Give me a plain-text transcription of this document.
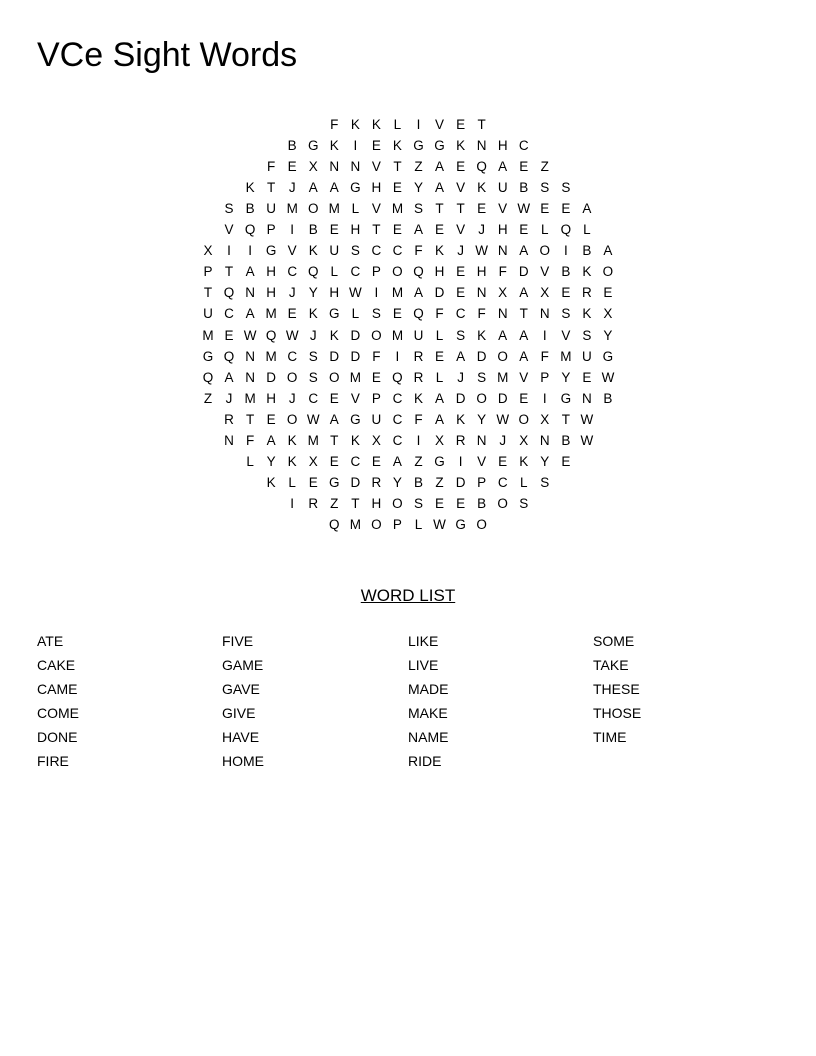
VCe Sight Words
F K K L	I	V E T
B G K	I	E K G G K N H C
F E X N N V T Z A E Q A E Z
K T	J A A G H E Y A V K U B S S
S B U M O M L V M S T T E V W E E A
V Q P	I	B E H T E A E V J H E L Q L
X	I	I	G V K U S C C F K J W N A O	I	B A
P T A H C Q L C P O Q H E H F D V B K O
T Q N H J Y H W I	M A D E N X A X E R E
U C A M E K G L S E Q F C F N T N S K X
M E W Q W J K D O M U L S K A A	I	V S Y
G Q N M C S D D F	I	R E A D O A F M U G
Q A N D O S O M E Q R L	J S M V P Y E W
Z	J M H J C E V P C K A D O D E	I	G N B
R T E O W A G U C F A K Y W O X T W
N F A K M T K X C	I	X R N J X N B W
L Y K X E C E A Z G	I	V E K Y E
K L E G D R Y B Z D P C L S
I	R Z T H O S E E B O S
Q M O P L W G O
WORD LIST
ATE
CAKE
CAME
COME
DONE
FIRE
FIVE
GAME
GAVE
GIVE
HAVE
HOME
LIKE
LIVE
MADE
MAKE
NAME
RIDE
SOME
TAKE
THESE
THOSE
TIME
